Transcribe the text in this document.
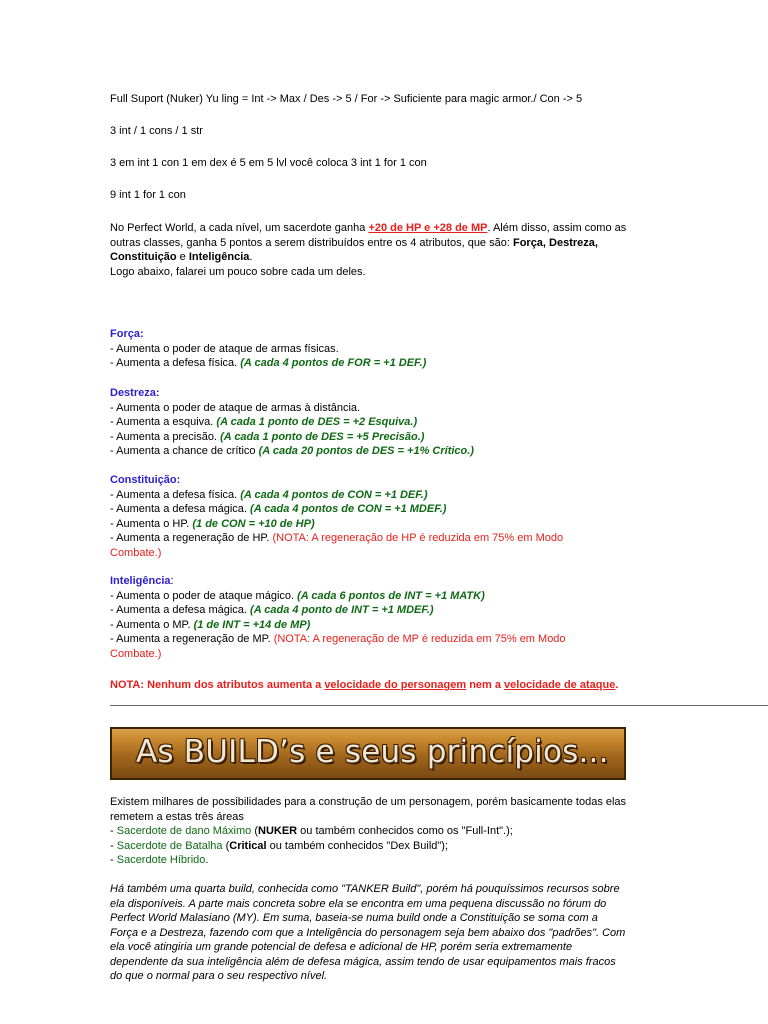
Full Suport (Nuker) Yu ling = Int -> Max / Des -> 5 / For -> Suficiente para magic armor./ Con -> 5
3 int / 1 cons / 1 str
3 em int 1 con 1 em dex é 5 em 5 lvl você coloca 3 int 1 for 1 con
9 int 1 for 1 con

No Perfect World, a cada nível, um sacerdote ganha +20 de HP e +28 de MP. Além disso, assim como as

outras classes, ganha 5 pontos a serem distribuídos entre os 4 atributos, que são: Força, Destreza,

Constituição e Inteligência.

Logo abaixo, falarei um pouco sobre cada um deles.

Força:

- Aumenta o poder de ataque de armas físicas.

- Aumenta a defesa física. (A cada 4 pontos de FOR = +1 DEF.)

Destreza:

- Aumenta o poder de ataque de armas à distância.

- Aumenta a esquiva. (A cada 1 ponto de DES = +2 Esquiva.)

- Aumenta a precisão. (A cada 1 ponto de DES = +5 Precisão.)

- Aumenta a chance de crítico (A cada 20 pontos de DES = +1% Crítico.)

Constituição:

- Aumenta a defesa física. (A cada 4 pontos de CON = +1 DEF.)

- Aumenta a defesa mágica. (A cada 4 pontos de CON = +1 MDEF.)

- Aumenta o HP. (1 de CON = +10 de HP)

- Aumenta a regeneração de HP. (NOTA: A regeneração de HP é reduzida em 75% em Modo

Combate.)

Inteligência:

- Aumenta o poder de ataque mágico. (A cada 6 pontos de INT = +1 MATK)

- Aumenta a defesa mágica. (A cada 4 ponto de INT = +1 MDEF.)

- Aumenta o MP. (1 de INT = +14 de MP)

- Aumenta a regeneração de MP. (NOTA: A regeneração de MP é reduzida em 75% em Modo

Combate.)

NOTA: Nenhum dos atributos aumenta a velocidade do personagem nem a velocidade de ataque.

As BUILD’s e seus princípios...

Existem milhares de possibilidades para a construção de um personagem, porém basicamente todas elas

remetem a estas três áreas

- Sacerdote de dano Máximo (NUKER ou também conhecidos como os "Full-Int".);

- Sacerdote de Batalha (Critical ou também conhecidos "Dex Build");

- Sacerdote Híbrido.

Há também uma quarta build, conhecida como "TANKER Build", porém há pouquíssimos recursos sobre

ela disponíveis. A parte mais concreta sobre ela se encontra em uma pequena discussão no fórum do

Perfect World Malasiano (MY). Em suma, baseia-se numa build onde a Constituição se soma com a

Força e a Destreza, fazendo com que a Inteligência do personagem seja bem abaixo dos "padrões". Com

ela você atingiria um grande potencial de defesa e adicional de HP, porém seria extremamente

dependente da sua inteligência além de defesa mágica, assim tendo de usar equipamentos mais fracos

do que o normal para o seu respectivo nível.
